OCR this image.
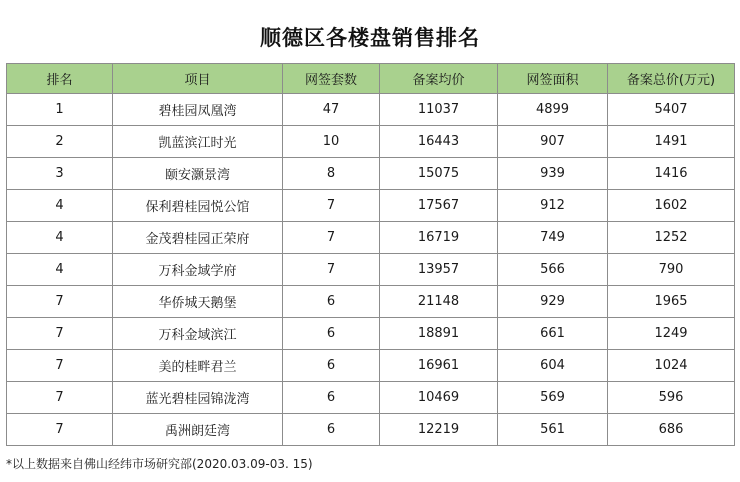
顺德区各楼盘销售排名
排名	项目	网签套数	备案均价	网签面积	备案总价(万元)
1	碧桂园凤凰湾	47	11037	4899	5407
2	凯蓝滨江时光	10	16443	907	1491
3	颐安灏景湾	8	15075	939	1416
4	保利碧桂园悦公馆	7	17567	912	1602
4	金茂碧桂园正荣府	7	16719	749	1252
4	万科金域学府	7	13957	566	790
7	华侨城天鹅堡	6	21148	929	1965
7	万科金域滨江	6	18891	661	1249
7	美的桂畔君兰	6	16961	604	1024
7	蓝光碧桂园锦泷湾	6	10469	569	596
7	禹洲朗廷湾	6	12219	561	686
*以上数据来自佛山经纬市场研究部(2020.03.09-03. 15)
